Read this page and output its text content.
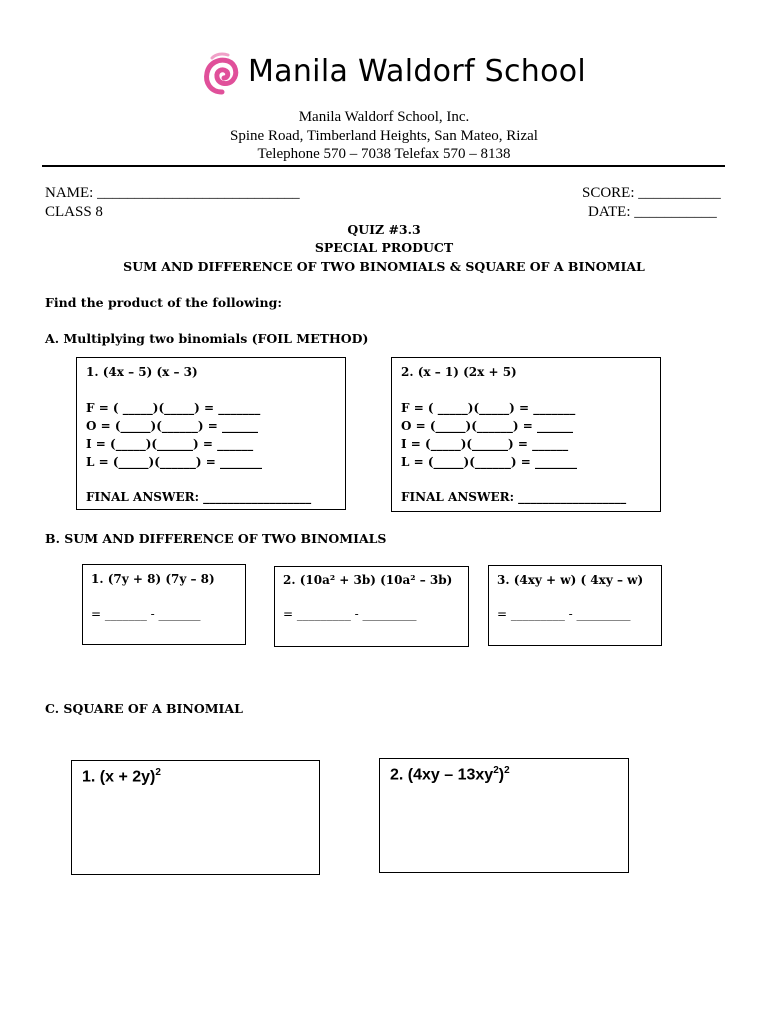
Manila Waldorf School
Manila Waldorf School, Inc.
Spine Road, Timberland Heights, San Mateo, Rizal
Telephone 570 – 7038 Telefax 570 – 8138
NAME: ___________________________
CLASS 8
SCORE: ___________
DATE: ___________
QUIZ #3.3
SPECIAL PRODUCT
SUM AND DIFFERENCE OF TWO BINOMIALS & SQUARE OF A BINOMIAL
Find the product of the following:
A. Multiplying two binomials (FOIL METHOD)
1. (4x – 5) (x – 3)
F = ( _____)(_____) = _______
O = (_____)(______) = ______
I = (_____)(______) = ______
L = (_____)(______) = _______
FINAL ANSWER: __________________
2. (x – 1) (2x + 5)
F = ( _____)(_____) = _______
O = (_____)(______) = ______
I = (_____)(______) = ______
L = (_____)(______) = _______
FINAL ANSWER: __________________
B. SUM AND DIFFERENCE OF TWO BINOMIALS
1. (7y + 8) (7y – 8)
= _______ - _______
2. (10a² + 3b) (10a² – 3b)
= _________ - _________
3. (4xy + w) ( 4xy – w)
= _________ - _________
C. SQUARE OF A BINOMIAL
1. $(x + 2y)^2$	2. $(4xy - 13xy^2)^2$
